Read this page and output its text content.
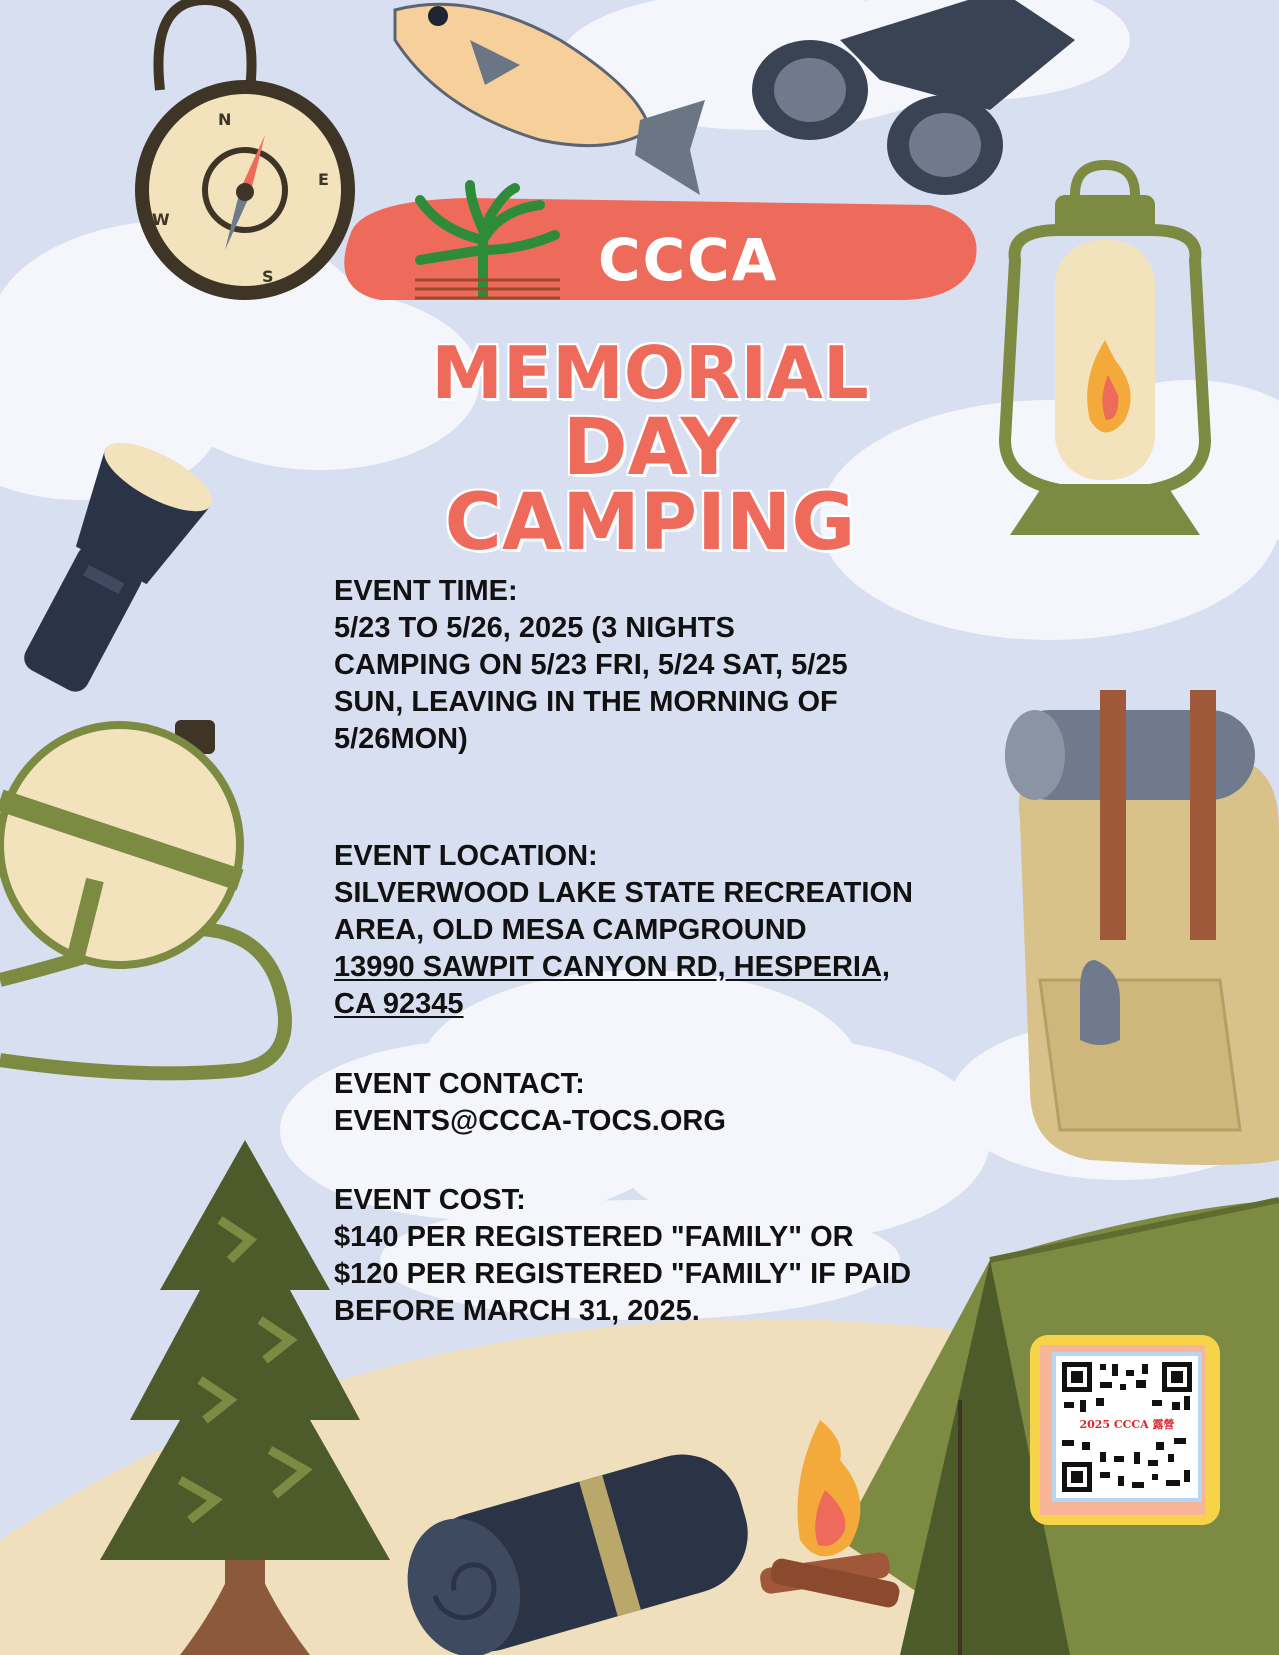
N
E
S
W
CCCA
MEMORIAL
DAY
CAMPING
EVENT TIME:
5/23 TO 5/26, 2025 (3 NIGHTS
CAMPING ON 5/23 FRI, 5/24 SAT, 5/25
SUN, LEAVING IN THE MORNING OF
5/26MON)
EVENT LOCATION:
SILVERWOOD LAKE STATE RECREATION
AREA, OLD MESA CAMPGROUND
13990 SAWPIT CANYON RD, HESPERIA,
CA 92345
EVENT CONTACT:
EVENTS@CCCA-TOCS.ORG
EVENT COST:
$140 PER REGISTERED "FAMILY" OR
$120 PER REGISTERED "FAMILY" IF PAID
BEFORE MARCH 31, 2025.
2025 CCCA 露營
